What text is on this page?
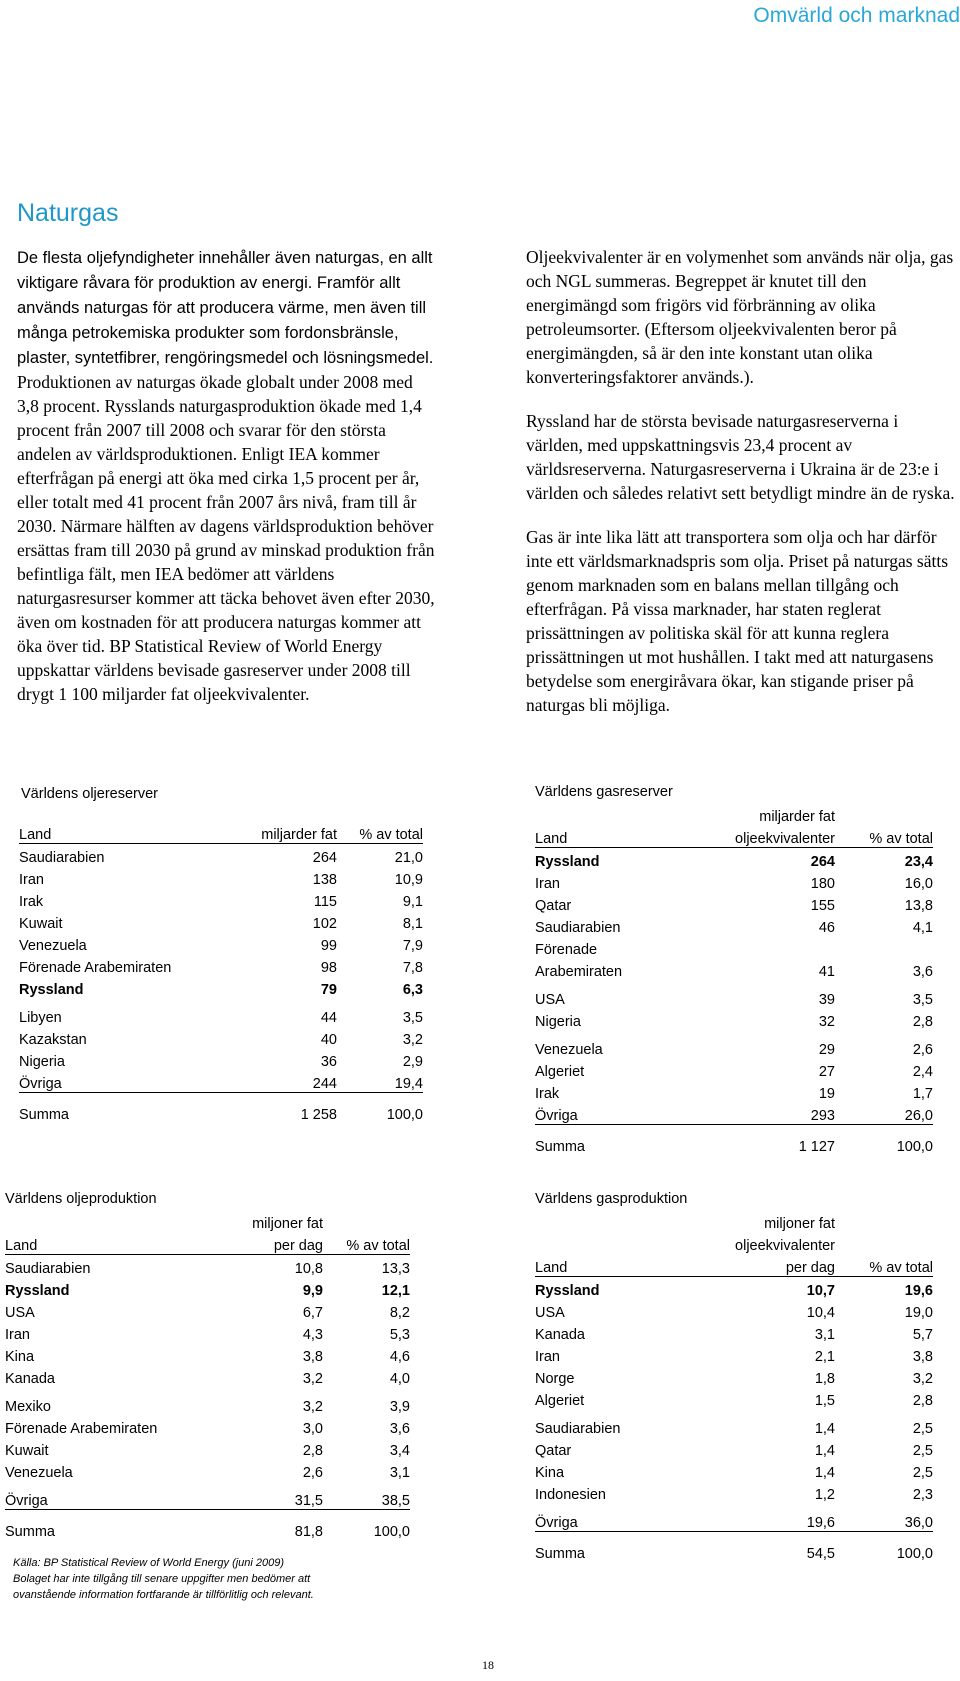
Omvärld och marknad
Naturgas

De flesta oljefyndigheter innehåller även naturgas, en allt viktigare råvara för produktion av energi. Framför allt används naturgas för att producera värme, men även till många petrokemiska produkter som fordonsbränsle, plaster, syntetfibrer, rengöringsmedel och lösningsmedel. Produktionen av naturgas ökade globalt under 2008 med 3,8 procent. Rysslands naturgasproduktion ökade med 1,4 procent från 2007 till 2008 och svarar för den största andelen av världsproduktionen. Enligt IEA kommer efterfrågan på energi att öka med cirka 1,5 procent per år, eller totalt med 41 procent från 2007 års nivå, fram till år 2030. Närmare hälften av dagens världsproduktion behöver ersättas fram till 2030 på grund av minskad produktion från befintliga fält, men IEA bedömer att världens naturgasresurser kommer att täcka behovet även efter 2030, även om kostnaden för att producera naturgas kommer att öka över tid. BP Statistical Review of World Energy uppskattar världens bevisade gasreserver under 2008 till drygt 1 100 miljarder fat oljeekvivalenter.

Oljeekvivalenter är en volymenhet som används när olja, gas och NGL summeras. Begreppet är knutet till den energimängd som frigörs vid förbränning av olika petroleumsorter. (Eftersom oljeekvivalenten beror på energimängden, så är den inte konstant utan olika konverteringsfaktorer används.).

Ryssland har de största bevisade naturgasreserverna i världen, med uppskattningsvis 23,4 procent av världsreserverna. Naturgasreserverna i Ukraina är de 23:e i världen och således relativt sett betydligt mindre än de ryska.

Gas är inte lika lätt att transportera som olja och har därför inte ett världsmarknadspris som olja. Priset på naturgas sätts genom marknaden som en balans mellan tillgång och efterfrågan. På vissa marknader, har staten reglerat prissättningen av politiska skäl för att kunna reglera prissättningen ut mot hushållen. I takt med att naturgasens betydelse som energiråvara ökar, kan stigande priser på naturgas bli möjliga.

Världens oljereserver
Land	miljarder fat	% av total
Saudiarabien	264	21,0
Iran	138	10,9
Irak	115	9,1
Kuwait	102	8,1
Venezuela	99	7,9
Förenade Arabemiraten	98	7,8
Ryssland	79	6,3
Libyen	44	3,5
Kazakstan	40	3,2
Nigeria	36	2,9
Övriga	244	19,4
Summa	1 258	100,0
Världens gasreserver
	miljarder fat	
Land	oljeekvivalenter	% av total
Ryssland	264	23,4
Iran	180	16,0
Qatar	155	13,8
Saudiarabien	46	4,1
Förenade		
Arabemiraten	41	3,6
USA	39	3,5
Nigeria	32	2,8
Venezuela	29	2,6
Algeriet	27	2,4
Irak	19	1,7
Övriga	293	26,0
Summa	1 127	100,0
Världens oljeproduktion
	miljoner fat	
Land	per dag	% av total
Saudiarabien	10,8	13,3
Ryssland	9,9	12,1
USA	6,7	8,2
Iran	4,3	5,3
Kina	3,8	4,6
Kanada	3,2	4,0
Mexiko	3,2	3,9
Förenade Arabemiraten	3,0	3,6
Kuwait	2,8	3,4
Venezuela	2,6	3,1
Övriga	31,5	38,5
Summa	81,8	100,0
Världens gasproduktion
	miljoner fat	
	oljeekvivalenter	
Land	per dag	% av total
Ryssland	10,7	19,6
USA	10,4	19,0
Kanada	3,1	5,7
Iran	2,1	3,8
Norge	1,8	3,2
Algeriet	1,5	2,8
Saudiarabien	1,4	2,5
Qatar	1,4	2,5
Kina	1,4	2,5
Indonesien	1,2	2,3
Övriga	19,6	36,0
Summa	54,5	100,0
Källa: BP Statistical Review of World Energy (juni 2009)
Bolaget har inte tillgång till senare uppgifter men bedömer att
ovanstående information fortfarande är tillförlitlig och relevant.
18
